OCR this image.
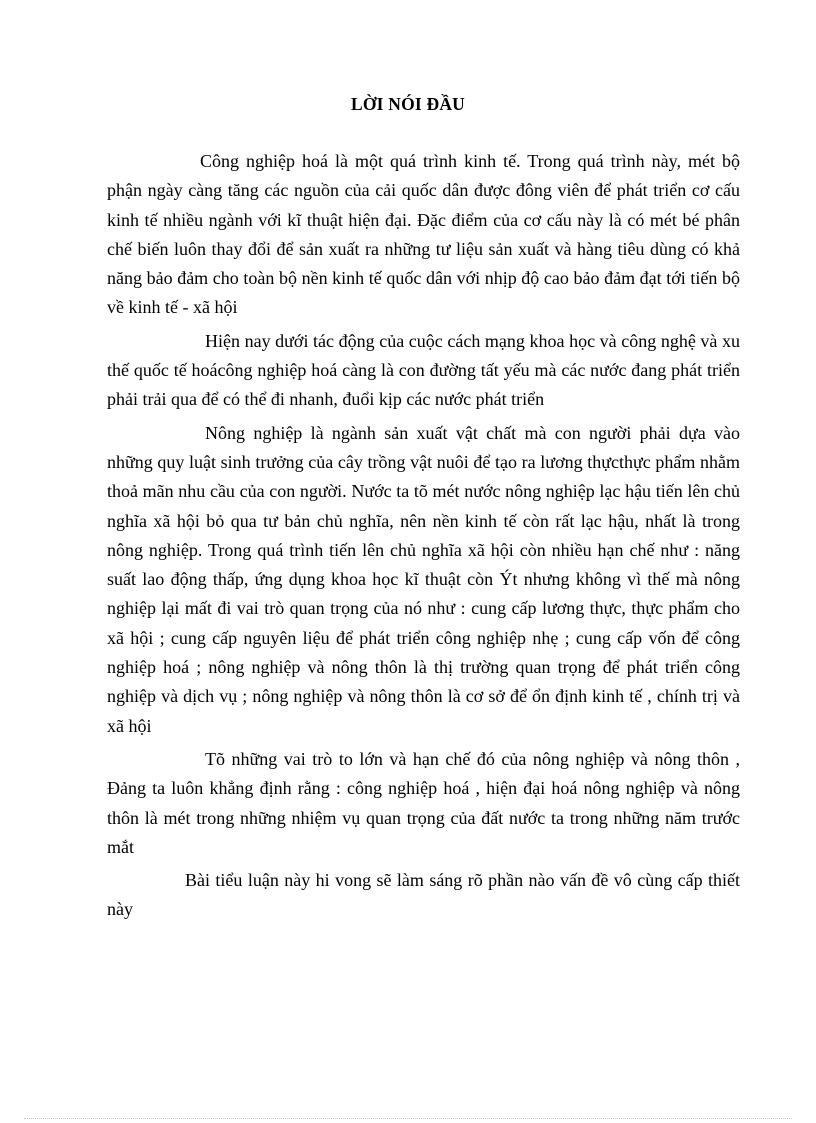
LỜI NÓI ĐẦU

Công nghiệp hoá là một quá trình kinh tế. Trong quá trình này, mét bộ phận ngày càng tăng các nguồn của cải quốc dân được đông viên để phát triển cơ cấu kinh tế nhiều ngành với kĩ thuật hiện đại. Đặc điểm của cơ cấu này là có mét bé phân chế biến luôn thay đổi để sản xuất ra những tư liệu sản xuất và hàng tiêu dùng có khả năng bảo đảm cho toàn bộ nền kinh tế quốc dân với nhịp độ cao bảo đảm đạt tới tiến bộ về kinh tế - xã hội

Hiện nay dưới tác động của cuộc cách mạng khoa học và công nghệ và xu thế quốc tế hoácông nghiệp hoá càng là con đường tất yếu mà các nước đang phát triển phải trải qua để có thể đi nhanh, đuổi kịp các nước phát triển

Nông nghiệp là ngành sản xuất vật chất mà con người phải dựa vào những quy luật sinh trưởng của cây trồng vật nuôi để tạo ra lương thựcthực phẩm nhằm thoả mãn nhu cầu của con người. Nước ta tõ mét nước nông nghiệp lạc hậu tiến lên chủ nghĩa xã hội bỏ qua tư bản chủ nghĩa, nên nền kinh tế còn rất lạc hậu, nhất là trong nông nghiệp. Trong quá trình tiến lên chủ nghĩa xã hội còn nhiều hạn chế như : năng suất lao động thấp, ứng dụng khoa học kĩ thuật còn Ýt nhưng không vì thế mà nông nghiệp lại mất đi vai trò quan trọng của nó như : cung cấp lương thực, thực phẩm cho xã hội ; cung cấp nguyên liệu để phát triển công nghiệp nhẹ ; cung cấp vốn để công nghiệp hoá ; nông nghiệp và nông thôn là thị trường quan trọng để phát triển công nghiệp và dịch vụ ; nông nghiệp và nông thôn là cơ sở để ổn định kinh tế , chính trị và xã hội

Tõ những vai trò to lớn và hạn chế đó của nông nghiệp và nông thôn , Đảng ta luôn khẳng định rằng : công nghiệp hoá , hiện đại hoá nông nghiệp và nông thôn là mét trong những nhiệm vụ quan trọng của đất nước ta trong những năm trước mắt

Bài tiểu luận này hi vong sẽ làm sáng rõ phần nào vấn đề vô cùng cấp thiết này
